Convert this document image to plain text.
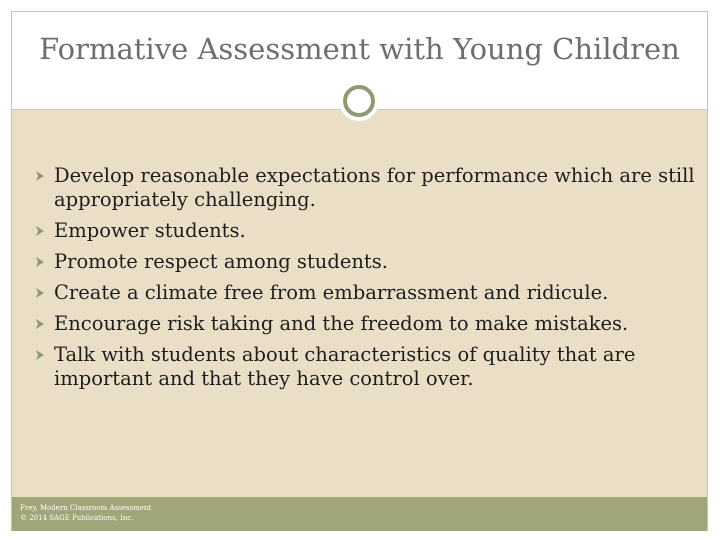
Formative Assessment with Young Children
Develop reasonable expectations for performance which are still appropriately challenging.
Empower students.
Promote respect among students.
Create a climate free from embarrassment and ridicule.
Encourage risk taking and the freedom to make mistakes.
Talk with students about characteristics of quality that are important and that they have control over.
Frey, Modern Classroom Assessment
© 2014 SAGE Publications, Inc.
